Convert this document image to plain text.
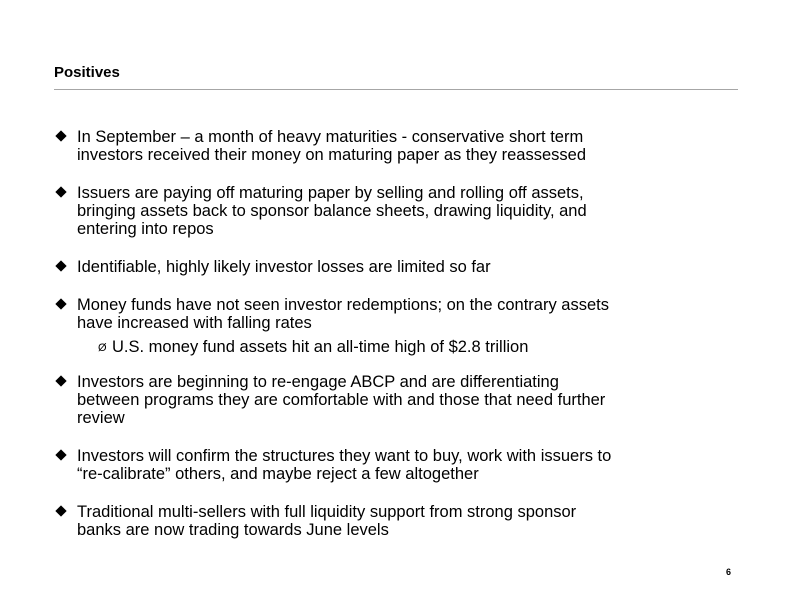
Positives
In September – a month of heavy maturities - conservative short term
investors received their money on maturing paper as they reassessed
Issuers are paying off maturing paper by selling and rolling off assets,
bringing assets back to sponsor balance sheets, drawing liquidity, and
entering into repos
Identifiable, highly likely investor losses are limited so far
Money funds have not seen investor redemptions; on the contrary assets
have increased with falling rates
Ø U.S. money fund assets hit an all-time high of $2.8 trillion
Investors are beginning to re-engage ABCP and are differentiating
between programs they are comfortable with and those that need further
review
Investors will confirm the structures they want to buy, work with issuers to
“re-calibrate” others, and maybe reject a few altogether
Traditional multi-sellers with full liquidity support from strong sponsor
banks are now trading towards June levels
6
